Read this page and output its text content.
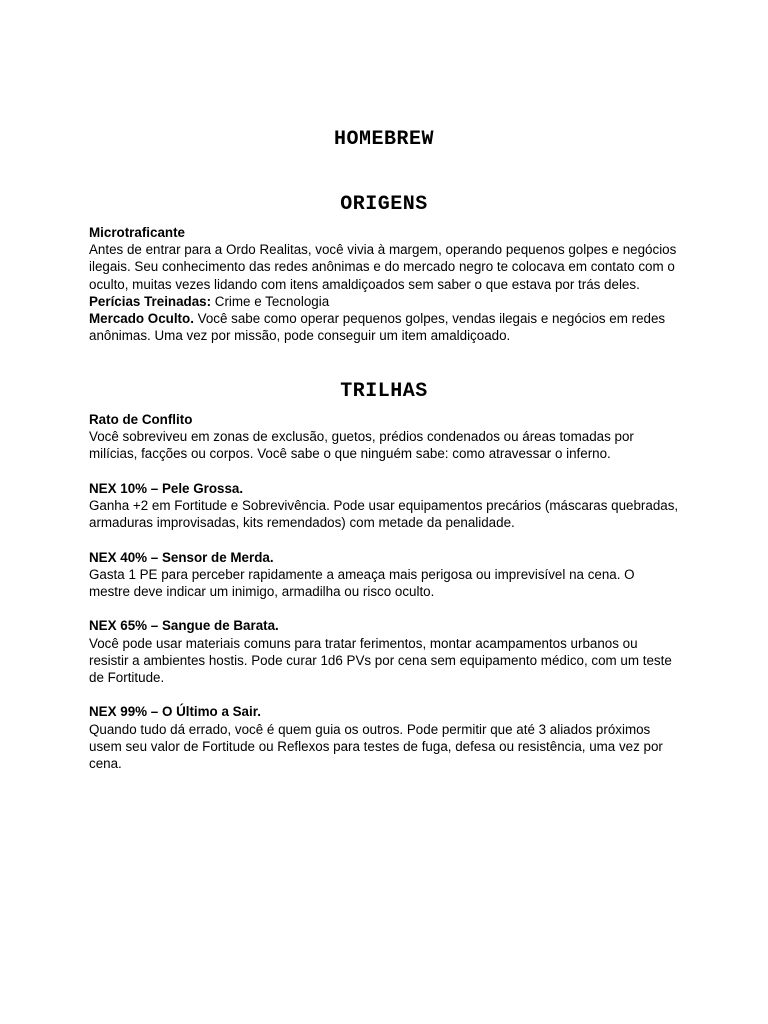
HOMEBREW
ORIGENS

Microtraficante

Antes de entrar para a Ordo Realitas, você vivia à margem, operando pequenos golpes e negócios ilegais. Seu conhecimento das redes anônimas e do mercado negro te colocava em contato com o oculto, muitas vezes lidando com itens amaldiçoados sem saber o que estava por trás deles.

Perícias Treinadas: Crime e Tecnologia

Mercado Oculto. Você sabe como operar pequenos golpes, vendas ilegais e negócios em redes anônimas. Uma vez por missão, pode conseguir um item amaldiçoado.

TRILHAS

Rato de Conflito

Você sobreviveu em zonas de exclusão, guetos, prédios condenados ou áreas tomadas por milícias, facções ou corpos. Você sabe o que ninguém sabe: como atravessar o inferno.

NEX 10% – Pele Grossa.

Ganha +2 em Fortitude e Sobrevivência. Pode usar equipamentos precários (máscaras quebradas, armaduras improvisadas, kits remendados) com metade da penalidade.

NEX 40% – Sensor de Merda.

Gasta 1 PE para perceber rapidamente a ameaça mais perigosa ou imprevisível na cena. O mestre deve indicar um inimigo, armadilha ou risco oculto.

NEX 65% – Sangue de Barata.

Você pode usar materiais comuns para tratar ferimentos, montar acampamentos urbanos ou resistir a ambientes hostis. Pode curar 1d6 PVs por cena sem equipamento médico, com um teste de Fortitude.

NEX 99% – O Último a Sair.

Quando tudo dá errado, você é quem guia os outros. Pode permitir que até 3 aliados próximos usem seu valor de Fortitude ou Reflexos para testes de fuga, defesa ou resistência, uma vez por cena.
